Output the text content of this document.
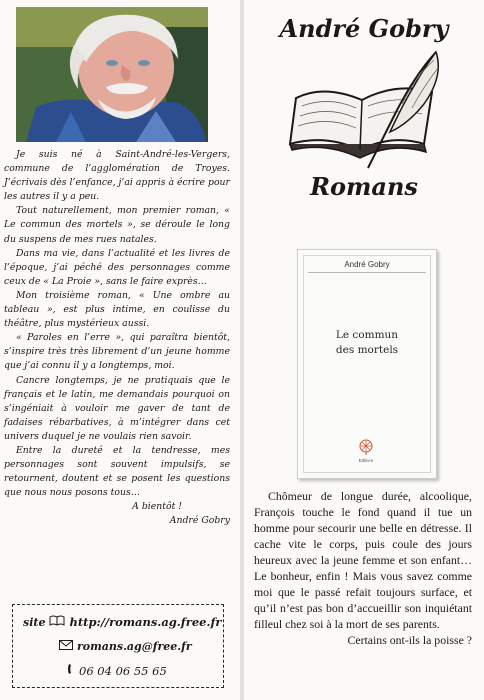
Je suis né à Saint-André-les-Vergers, commune de l’agglomération de Troyes. J’écrivais dès l’enfance, j’ai appris à écrire pour les autres il y a peu.

Tout naturellement, mon premier roman, « Le commun des mortels », se déroule le long du suspens de mes rues natales.

Dans ma vie, dans l’actualité et les livres de l’époque, j’ai péché des personnages comme ceux de « La Proie », sans le faire exprès…

Mon troisième roman, « Une ombre au tableau », est plus intime, en coulisse du théâtre, plus mystérieux aussi.

« Paroles en l’erre », qui paraîtra bientôt, s’inspire très très librement d’un jeune homme que j’ai connu il y a longtemps, moi.

Cancre longtemps, je ne pratiquais que le français et le latin, me demandais pourquoi on s’ingéniait à vouloir me gaver de tant de fadaises rébarbatives, à m’intégrer dans cet univers duquel je ne voulais rien savoir.

Entre la dureté et la tendresse, mes personnages sont souvent impulsifs, se retournent, doutent et se posent les questions que nous nous posons tous…

A bientôt !

André Gobry

site http://romans.ag.free.fr
romans.ag@free.fr
06 04 06 55 65
André Gobry
Romans
André Gobry
Le commun
des mortels
Edilivre

Chômeur de longue durée, alcoolique, François touche le fond quand il tue un homme pour secourir une belle en détresse. Il cache vite le corps, puis coule des jours heureux avec la jeune femme et son enfant… Le bonheur, enfin ! Mais vous savez comme moi que le passé refait toujours surface, et qu’il n’est pas bon d’accueillir son inquiétant filleul chez soi à la mort de ses parents.

Certains ont-ils la poisse ?
